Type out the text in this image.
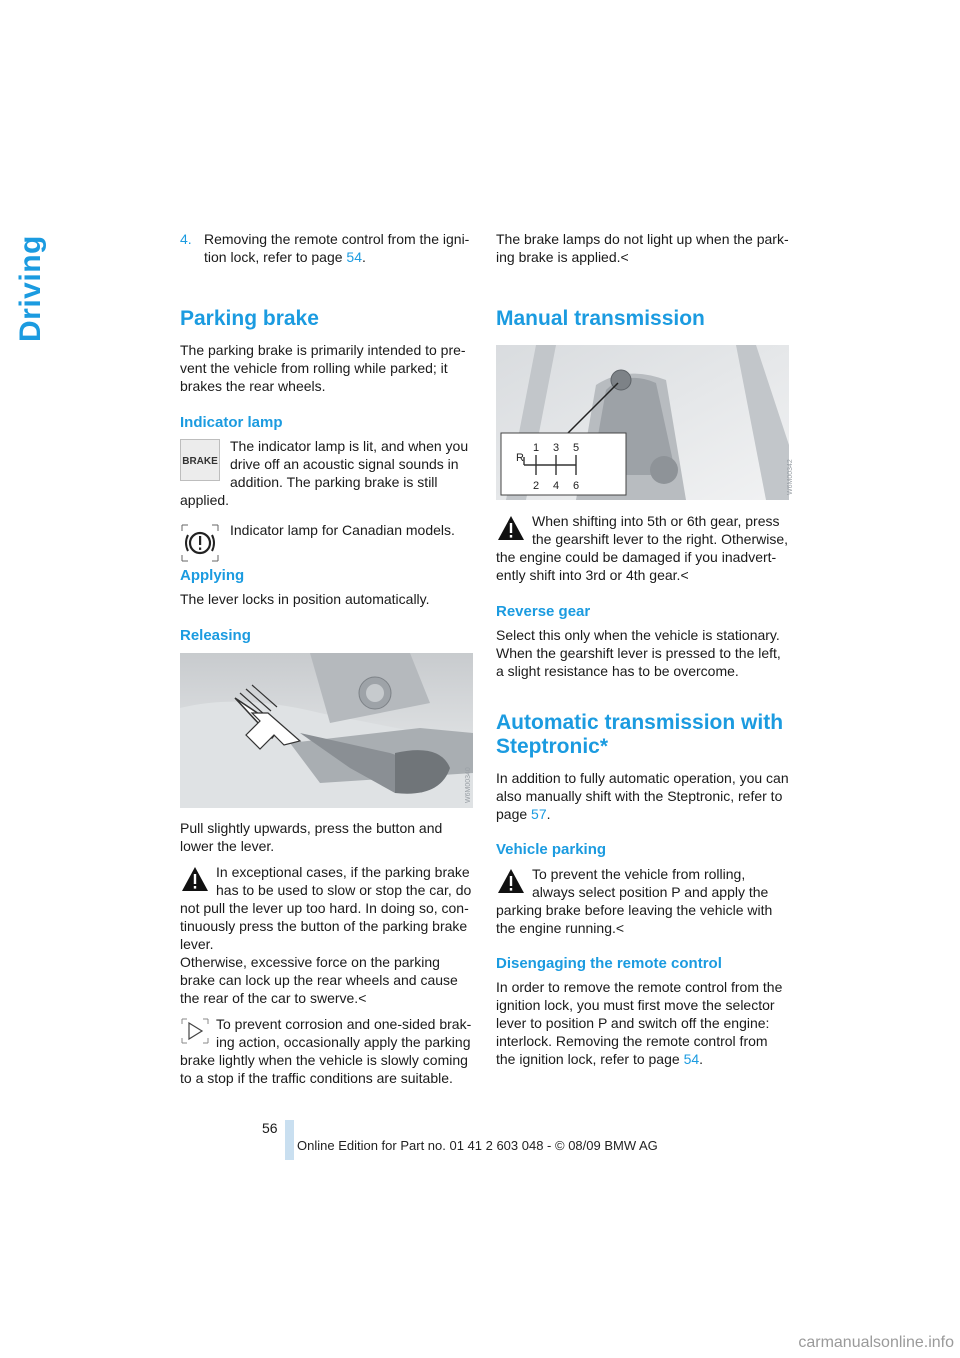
Driving	4. Removing the remote control from the igni-tion lock, refer to page 54.

Parking brake

The parking brake is primarily intended to pre-vent the vehicle from rolling while parked; it brakes the rear wheels.

Indicator lamp
BRAKE

The indicator lamp is lit, and when you drive off an acoustic signal sounds in addition. The parking brake is still applied.

Indicator lamp for Canadian models.

Applying

The lever locks in position automatically.

Releasing
W6M00340

Pull slightly upwards, press the button and lower the lever.

In exceptional cases, if the parking brake has to be used to slow or stop the car, do not pull the lever up too hard. In doing so, con-tinuously press the button of the parking brake lever.

Otherwise, excessive force on the parking brake can lock up the rear wheels and cause the rear of the car to swerve.<

To prevent corrosion and one-sided brak-ing action, occasionally apply the parking brake lightly when the vehicle is slowly coming to a stop if the traffic conditions are suitable.

The brake lamps do not light up when the park-ing brake is applied.<

Manual transmission
R
1 3 5
2 4 6	W6M00342

When shifting into 5th or 6th gear, press the gearshift lever to the right. Otherwise, the engine could be damaged if you inadvert-ently shift into 3rd or 4th gear.<

Reverse gear

Select this only when the vehicle is stationary. When the gearshift lever is pressed to the left, a slight resistance has to be overcome.

Automatic transmission with Steptronic*

In addition to fully automatic operation, you can also manually shift with the Steptronic, refer to page 57.

Vehicle parking

To prevent the vehicle from rolling, always select position P and apply the parking brake before leaving the vehicle with the engine running.<

Disengaging the remote control

In order to remove the remote control from the ignition lock, you must first move the selector lever to position P and switch off the engine: interlock. Removing the remote control from the ignition lock, refer to page 54.

56
Online Edition for Part no. 01 41 2 603 048 - © 08/09 BMW AG
carmanualsonline.info
